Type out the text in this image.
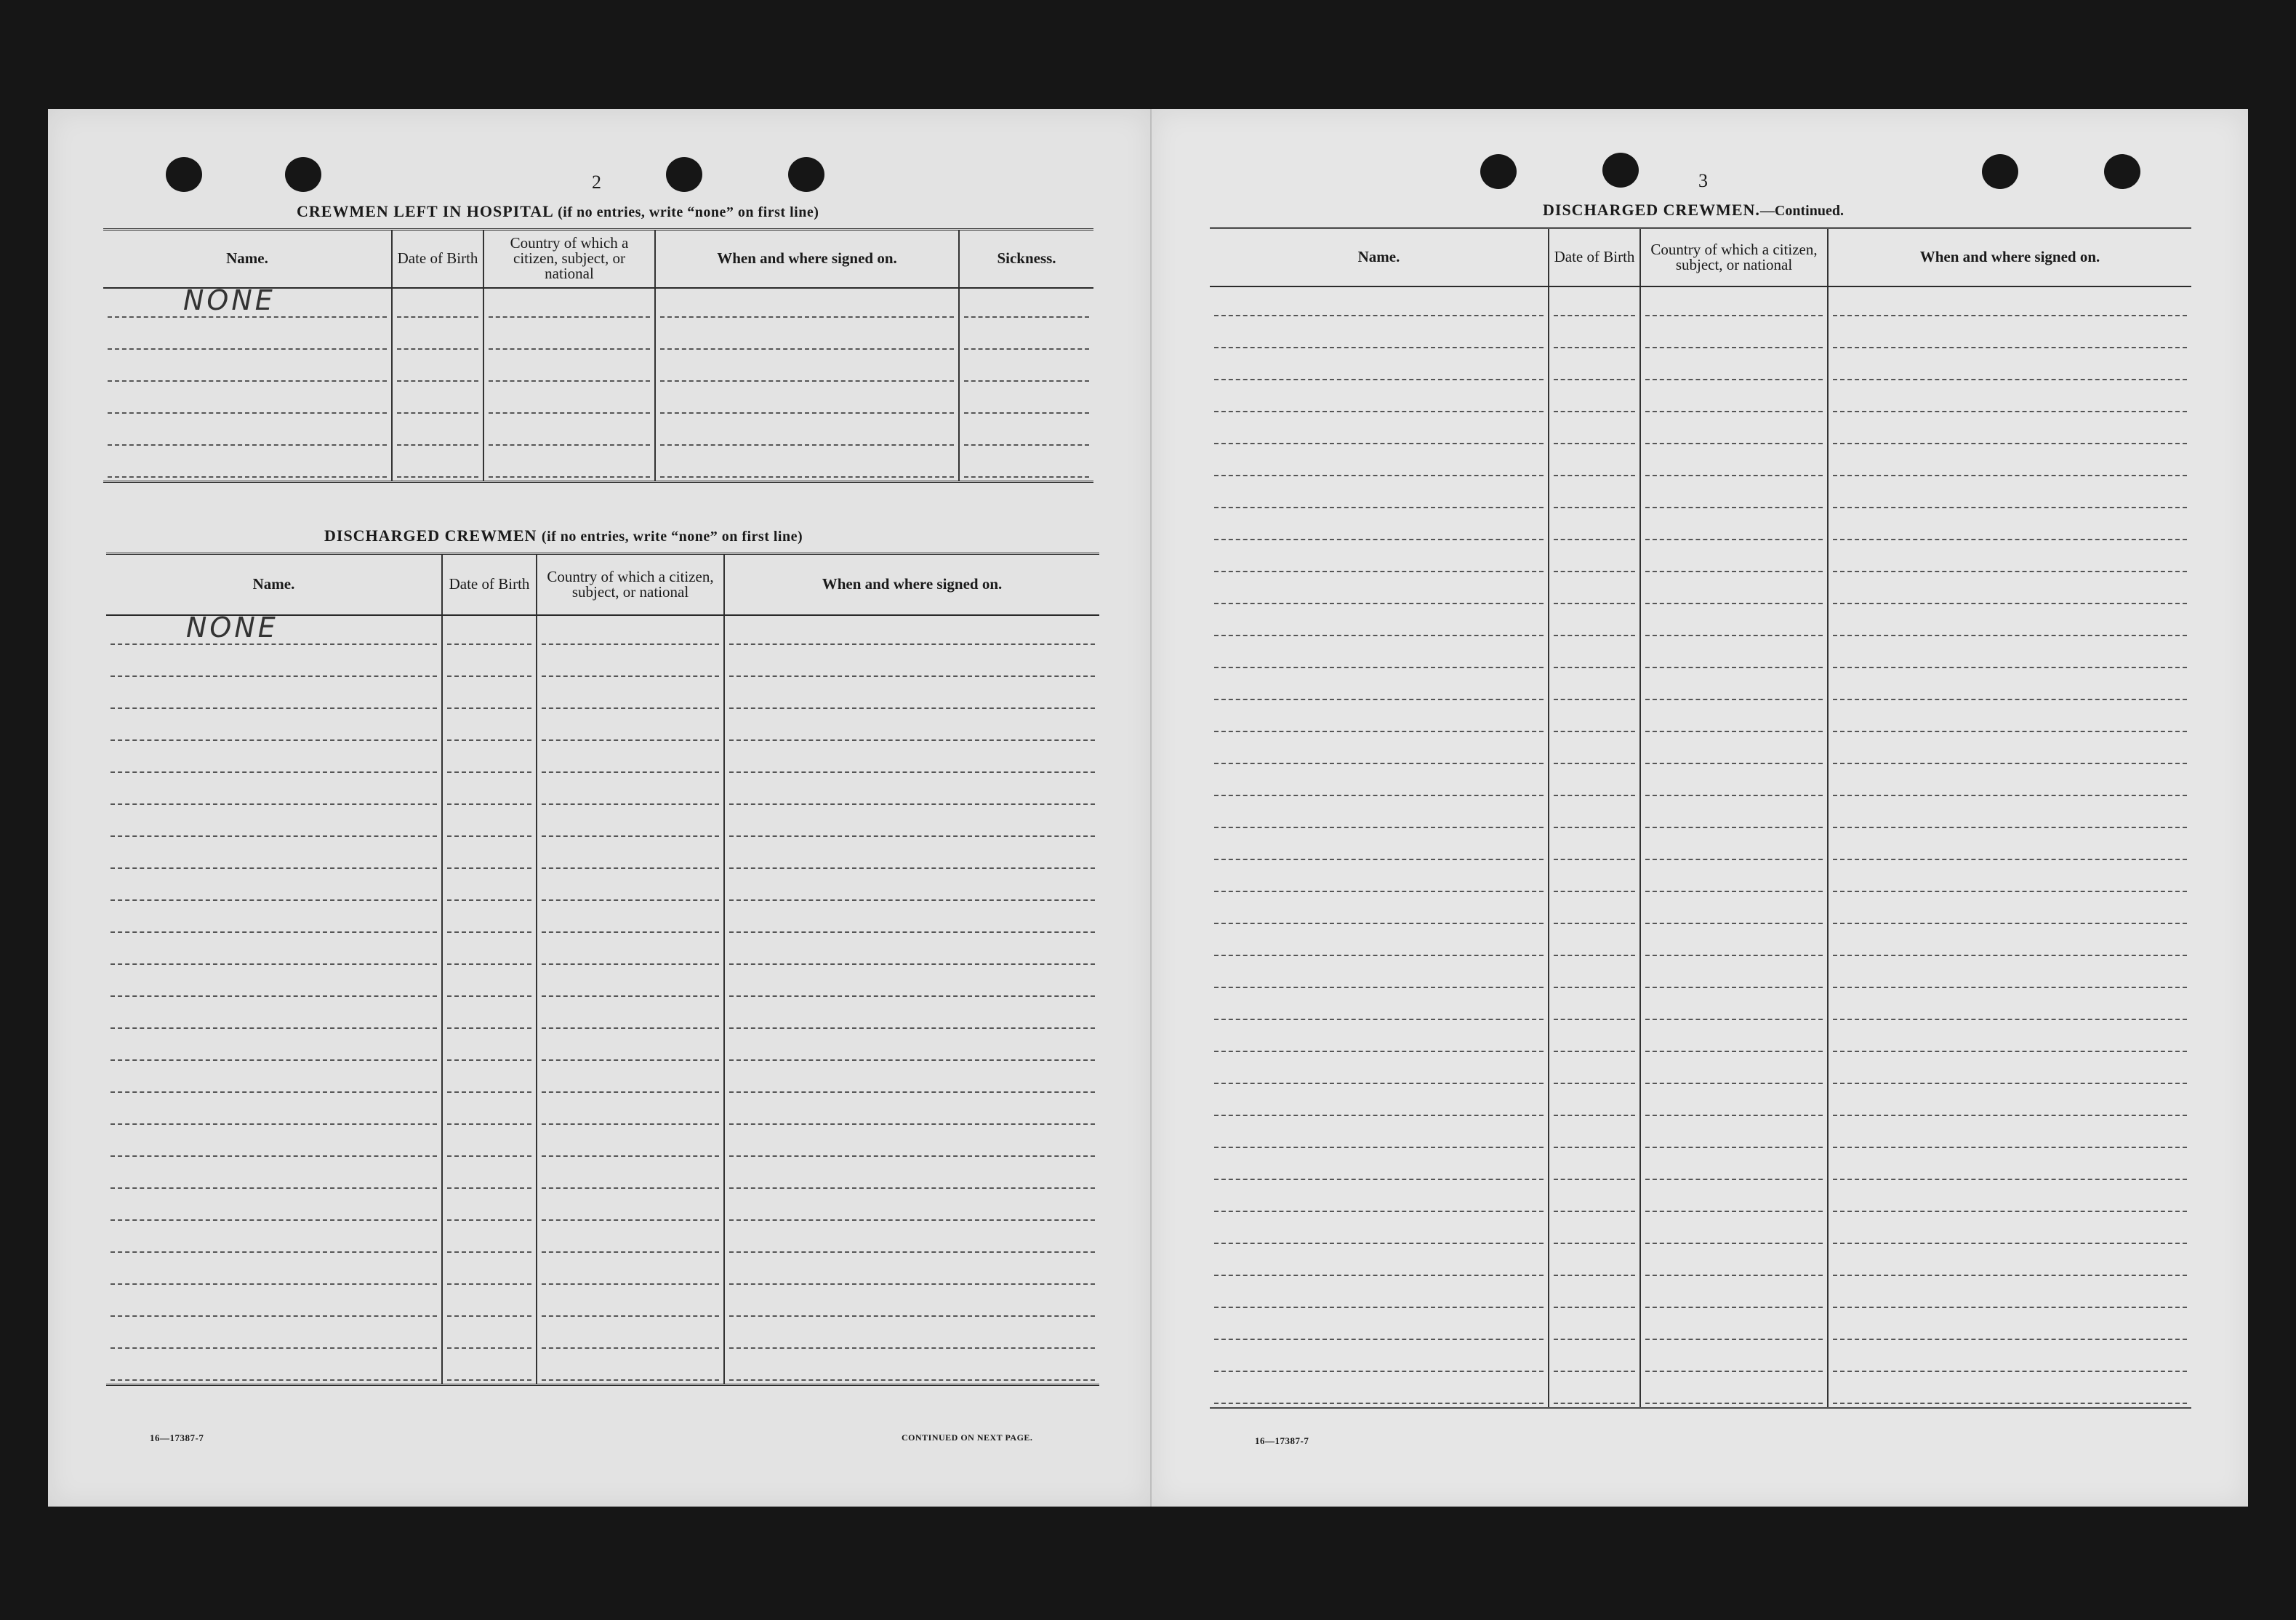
2
CREWMEN LEFT IN HOSPITAL (if no entries, write “none” on first line)
Name.	Date of Birth	Country of which a citizen, subject, or national	When and where signed on.	Sickness.

NONE				

DISCHARGED CREWMEN (if no entries, write “none” on first line)
Name.	Date of Birth	Country of which a citizen, subject, or national	When and where signed on.

NONE			

16—17387-7	CONTINUED ON NEXT PAGE.
3
DISCHARGED CREWMEN.—Continued.
Name.	Date of Birth	Country of which a citizen, subject, or national	When and where signed on.

16—17387-7
